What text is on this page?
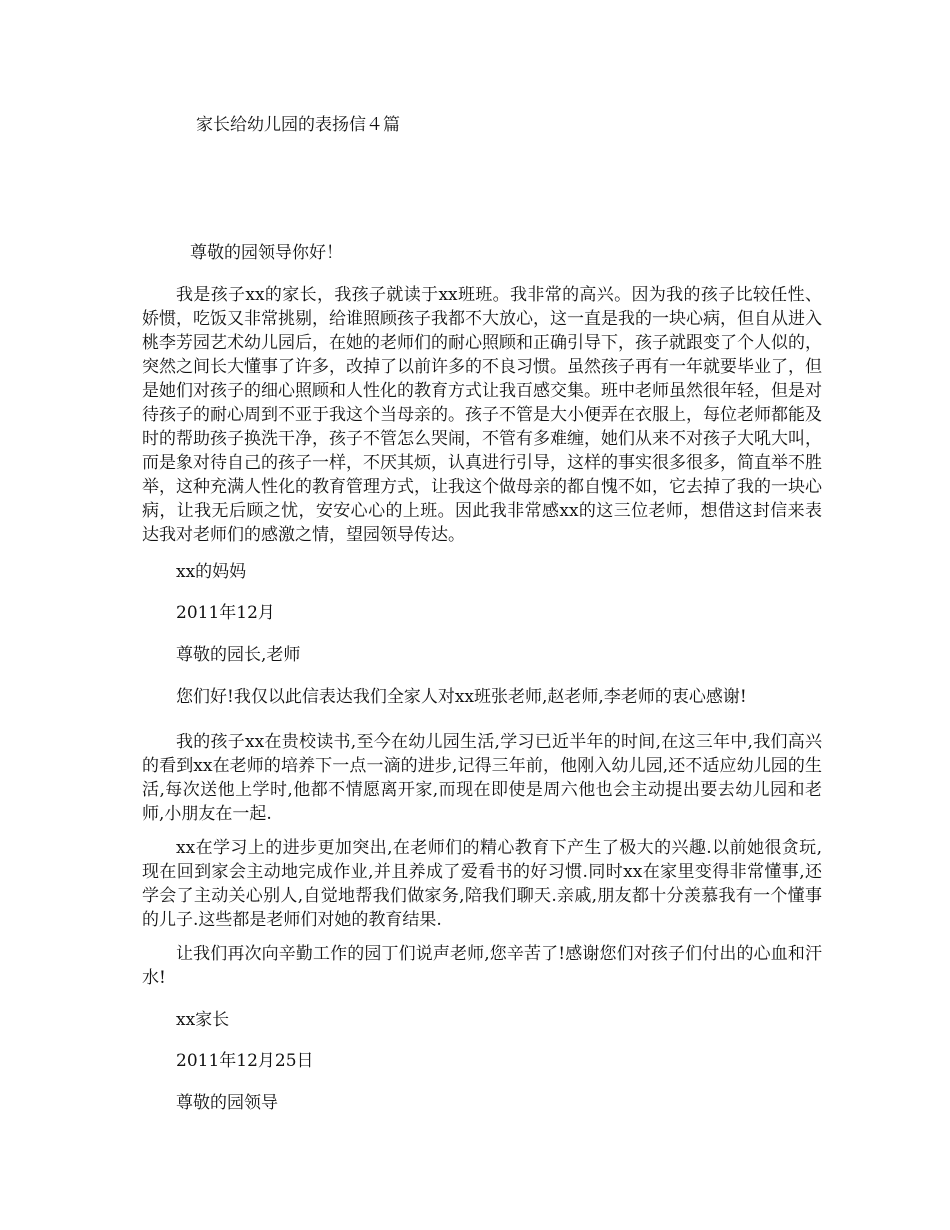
家长给幼儿园的表扬信４篇
尊敬的园领导你好！

我是孩子xx的家长，我孩子就读于xx班班。我非常的高兴。因为我的孩子比较任性、娇惯，吃饭又非常挑剔，给谁照顾孩子我都不大放心，这一直是我的一块心病，但自从进入桃李芳园艺术幼儿园后，在她的老师们的耐心照顾和正确引导下，孩子就跟变了个人似的，突然之间长大懂事了许多，改掉了以前许多的不良习惯。虽然孩子再有一年就要毕业了，但是她们对孩子的细心照顾和人性化的教育方式让我百感交集。班中老师虽然很年轻，但是对待孩子的耐心周到不亚于我这个当母亲的。孩子不管是大小便弄在衣服上，每位老师都能及时的帮助孩子换洗干净，孩子不管怎么哭闹，不管有多难缠，她们从来不对孩子大吼大叫，而是象对待自己的孩子一样，不厌其烦，认真进行引导，这样的事实很多很多，简直举不胜举，这种充满人性化的教育管理方式，让我这个做母亲的都自愧不如，它去掉了我的一块心病，让我无后顾之忧，安安心心的上班。因此我非常感xx的这三位老师，想借这封信来表达我对老师们的感激之情，望园领导传达。

xx的妈妈
2011年12月
尊敬的园长,老师

您们好!我仅以此信表达我们全家人对xx班张老师,赵老师,李老师的衷心感谢!

我的孩子xx在贵校读书,至今在幼儿园生活,学习已近半年的时间,在这三年中,我们高兴的看到xx在老师的培养下一点一滴的进步,记得三年前，他刚入幼儿园,还不适应幼儿园的生活,每次送他上学时,他都不情愿离开家,而现在即使是周六他也会主动提出要去幼儿园和老师,小朋友在一起.

xx在学习上的进步更加突出,在老师们的精心教育下产生了极大的兴趣.以前她很贪玩,现在回到家会主动地完成作业,并且养成了爱看书的好习惯.同时xx在家里变得非常懂事,还学会了主动关心别人,自觉地帮我们做家务,陪我们聊天.亲戚,朋友都十分羡慕我有一个懂事的儿子.这些都是老师们对她的教育结果.

让我们再次向辛勤工作的园丁们说声老师,您辛苦了!感谢您们对孩子们付出的心血和汗水!

xx家长
2011年12月25日
尊敬的园领导
